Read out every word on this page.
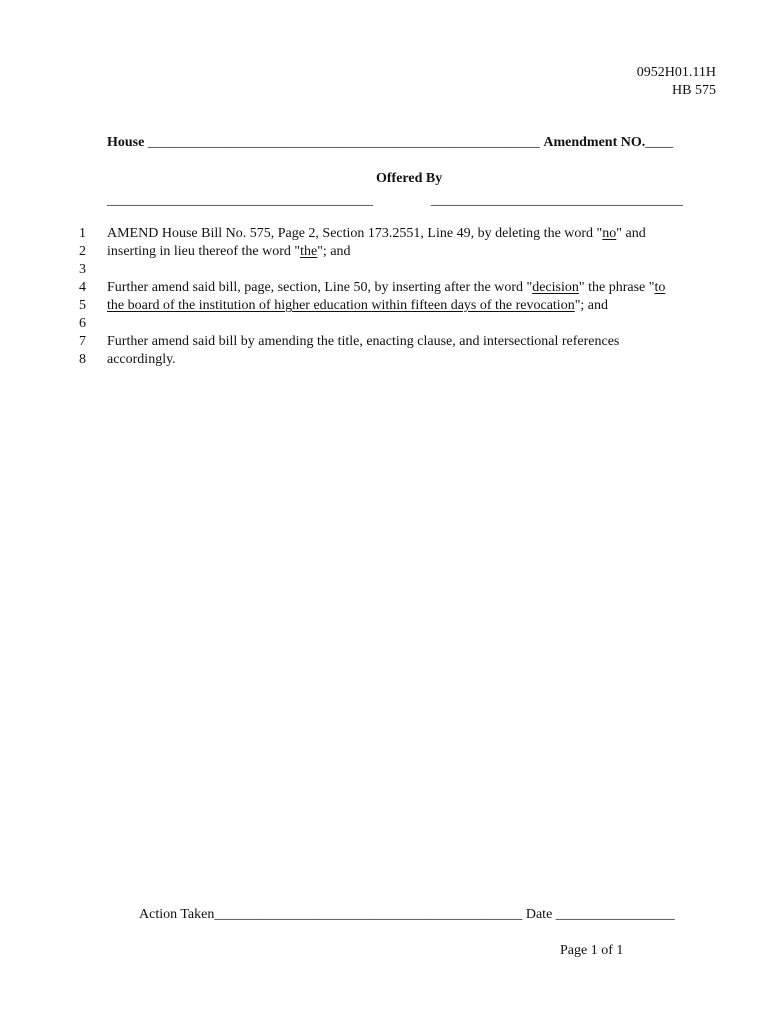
0952H01.11H
HB 575
House ________________________________________________________ Amendment NO.____
Offered By
______________________________________	____________________________________
1
2
3
4
5
6
7
8
AMEND House Bill No. 575, Page 2, Section 173.2551, Line 49, by deleting the word "no" and
inserting in lieu thereof the word "the"; and
Further amend said bill, page, section, Line 50, by inserting after the word "decision" the phrase "to
the board of the institution of higher education within fifteen days of the revocation"; and
Further amend said bill by amending the title, enacting clause, and intersectional references
accordingly.
Action Taken____________________________________________ Date _________________
Page 1 of 1
